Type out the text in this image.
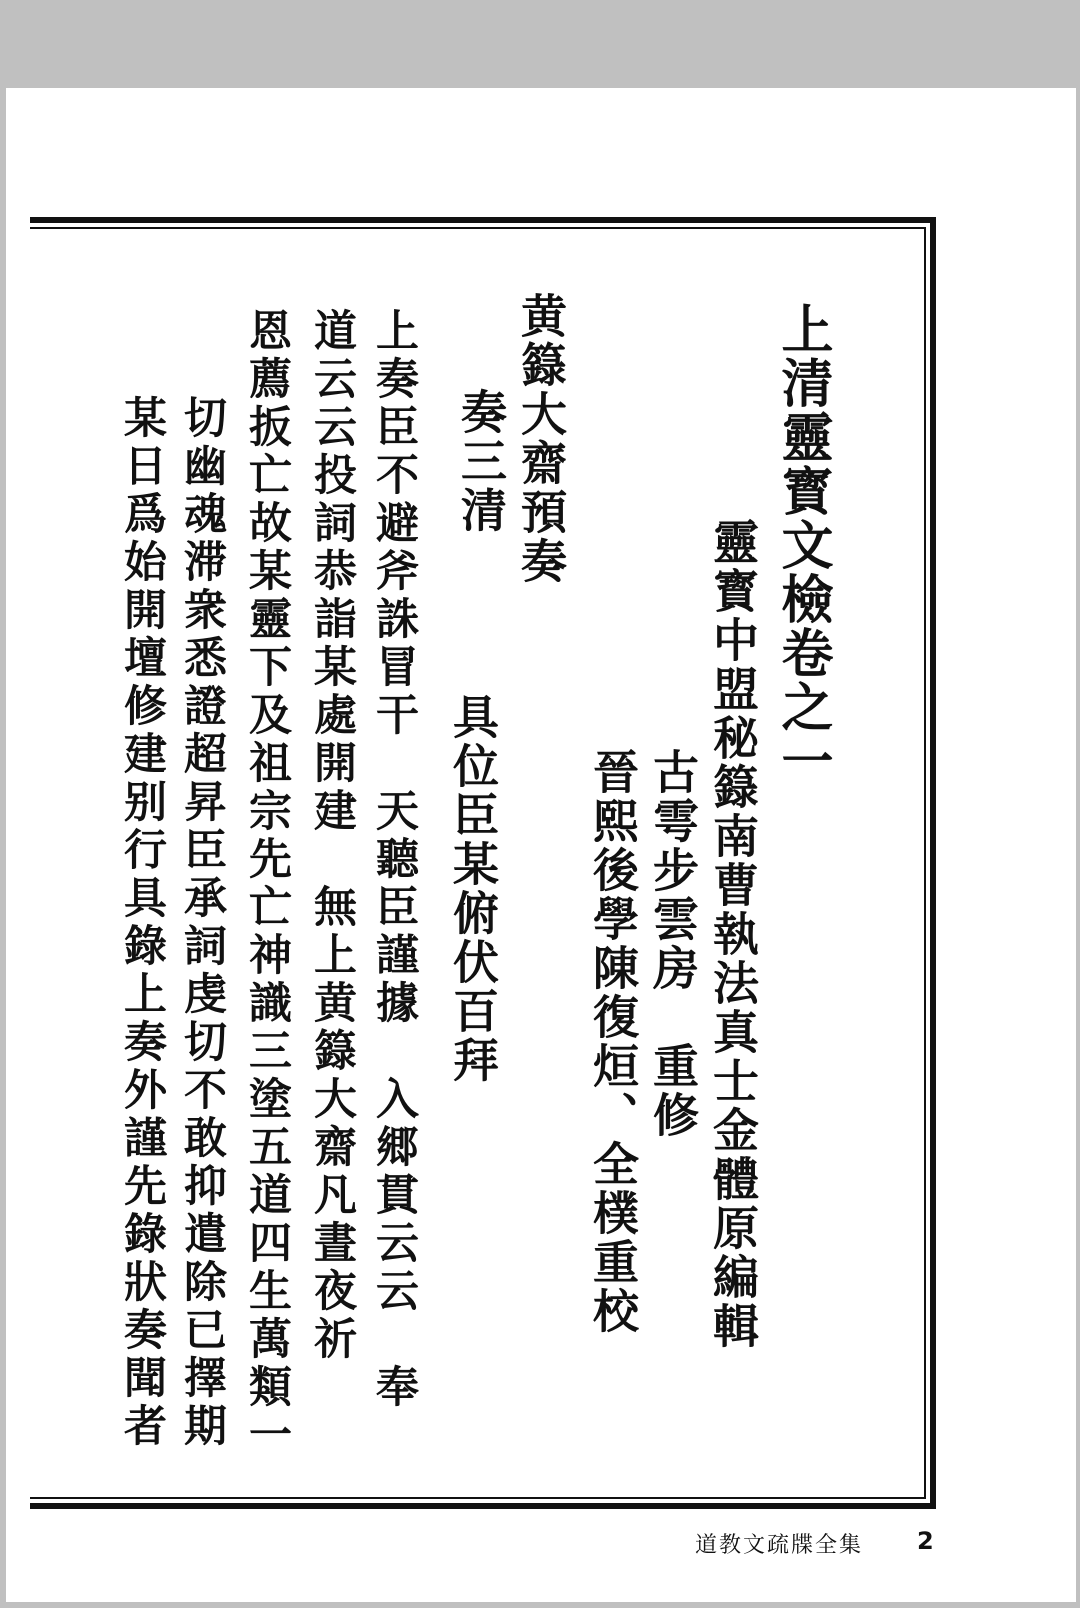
上清靈寳文檢卷之一
靈寳中盟秘籙南曹執法真士金體原編輯
古雩步雲房　重修
晉熙後學陳復烜、全樸重校
黄籙大齋預奏
奏三清
具位臣某俯伏百拜
上奏臣不避斧誅冒干　天聽臣謹據　入郷貫云云　奉
道云云投詞恭詣某處開建　無上黄籙大齋凡晝夜祈
恩薦扳亡故某靈下及祖宗先亡神識三塗五道四生萬類一
切幽魂滞衆悉證超昇臣承詞虔切不敢抑遣除已擇期
某日爲始開壇修建别行具錄上奏外謹先錄狀奏聞者
道教文疏牒全集 2
